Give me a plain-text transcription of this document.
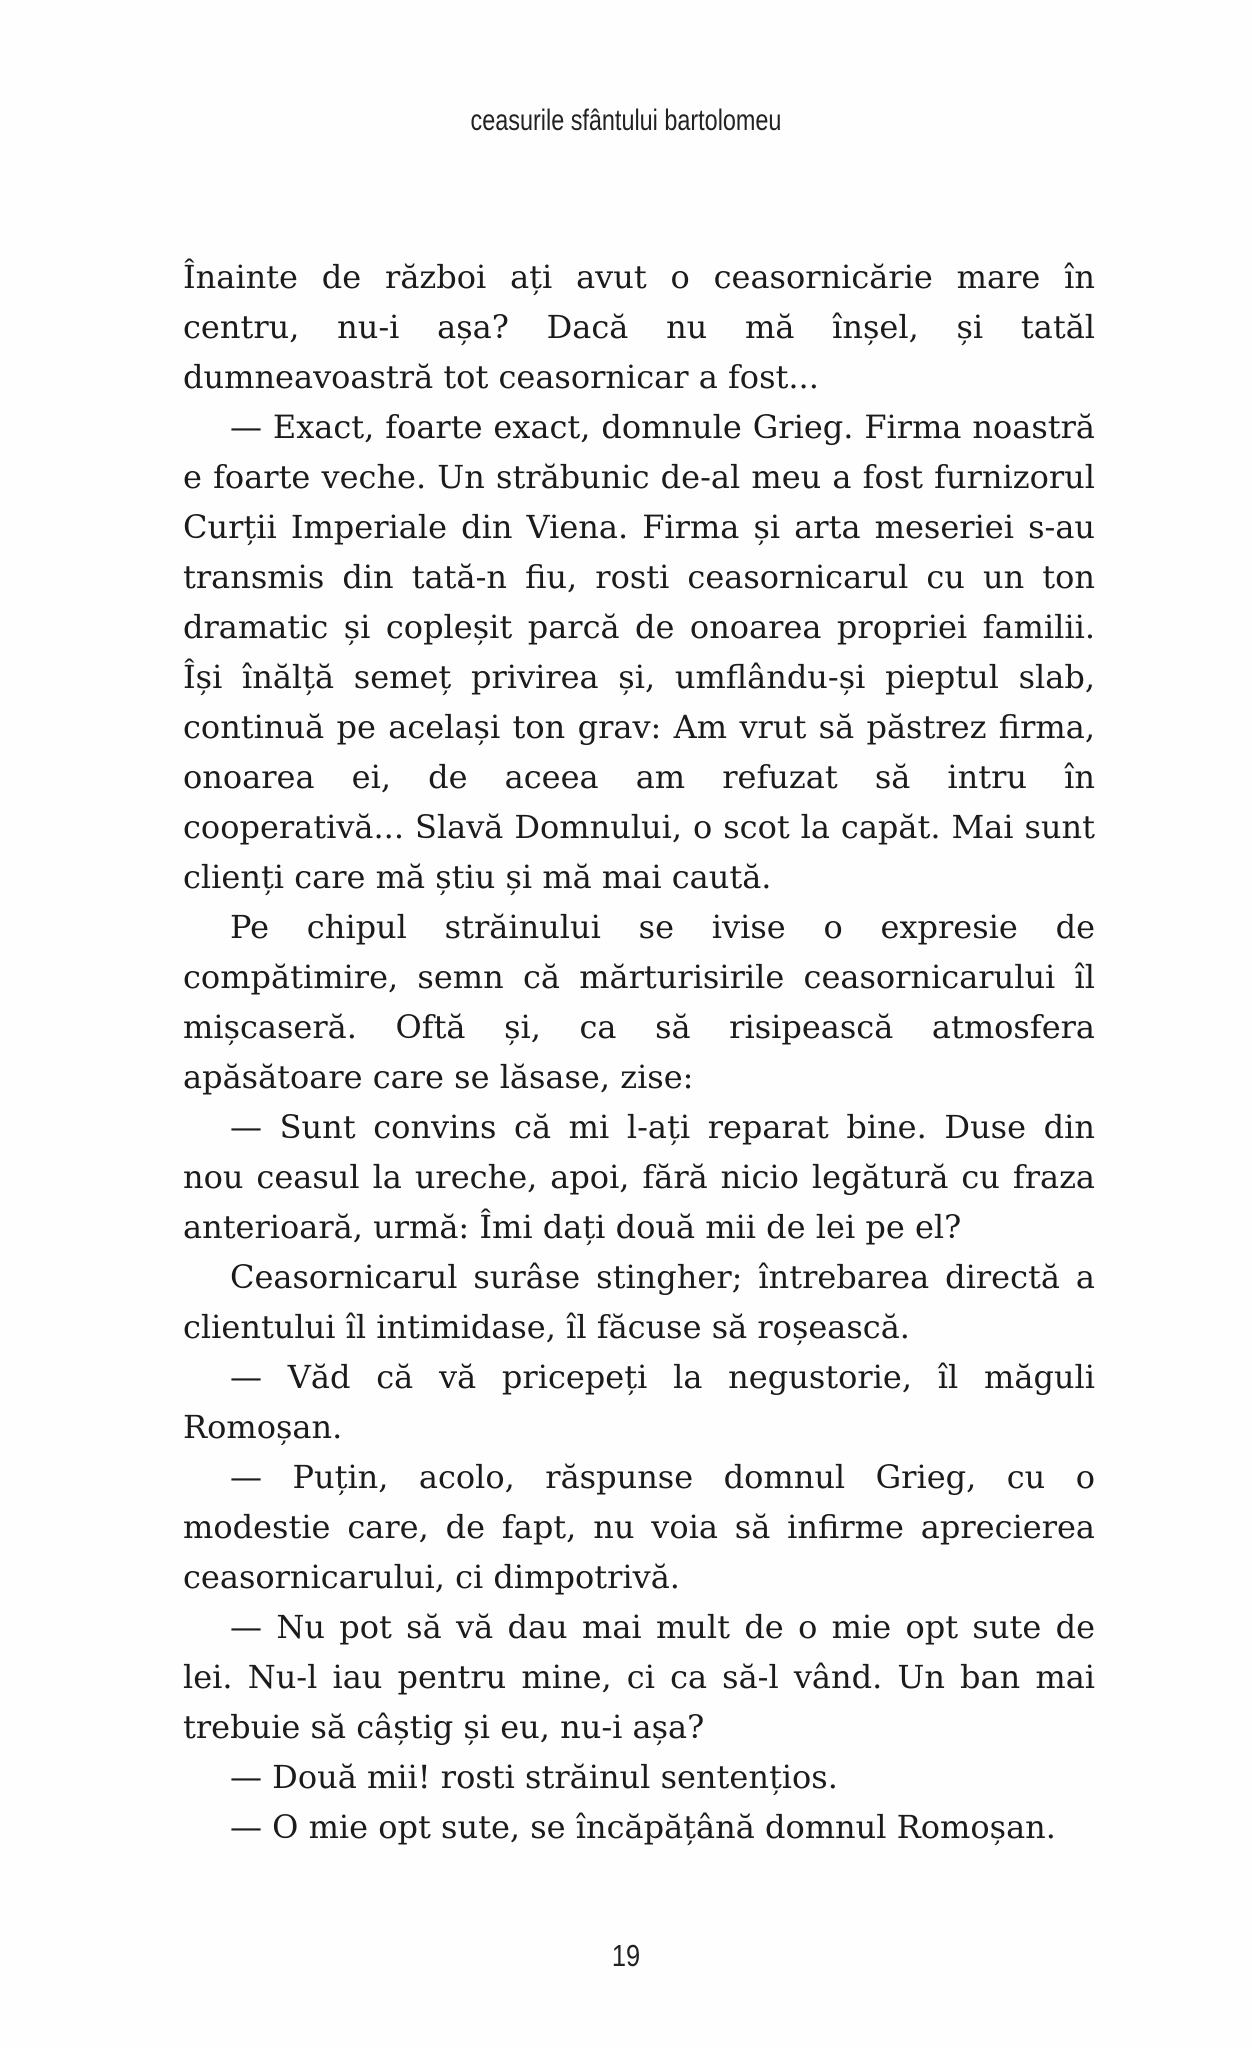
ceasurile sfântului bartolomeu

Înainte de război ați avut o ceasornicărie mare în centru, nu-i așa? Dacă nu mă înșel, și tatăl dumneavoastră tot ceasornicar a fost...

— Exact, foarte exact, domnule Grieg. Firma noastră e foarte veche. Un străbunic de-al meu a fost furnizorul Curții Imperiale din Viena. Firma și arta meseriei s-au transmis din tată-n fiu, rosti ceasornicarul cu un ton dramatic și copleșit parcă de onoarea propriei familii. Își înălță semeț privirea și, umflându-și pieptul slab, continuă pe același ton grav: Am vrut să păstrez firma, onoarea ei, de aceea am refuzat să intru în cooperativă... Slavă Domnului, o scot la capăt. Mai sunt clienți care mă știu și mă mai caută.

Pe chipul străinului se ivise o expresie de compătimire, semn că mărturisirile ceasornicarului îl mișcaseră. Oftă și, ca să risipească atmosfera apăsătoare care se lăsase, zise:

— Sunt convins că mi l-ați reparat bine. Duse din nou ceasul la ureche, apoi, fără nicio legătură cu fraza anterioară, urmă: Îmi dați două mii de lei pe el?

Ceasornicarul surâse stingher; întrebarea directă a clientului îl intimidase, îl făcuse să roșească.

— Văd că vă pricepeți la negustorie, îl măguli Romoșan.

— Puțin, acolo, răspunse domnul Grieg, cu o modestie care, de fapt, nu voia să infirme aprecierea ceasornicarului, ci dimpotrivă.

— Nu pot să vă dau mai mult de o mie opt sute de lei. Nu-l iau pentru mine, ci ca să-l vând. Un ban mai trebuie să câștig și eu, nu-i așa?

— Două mii! rosti străinul sentențios.

— O mie opt sute, se încăpățână domnul Romoșan.

19
